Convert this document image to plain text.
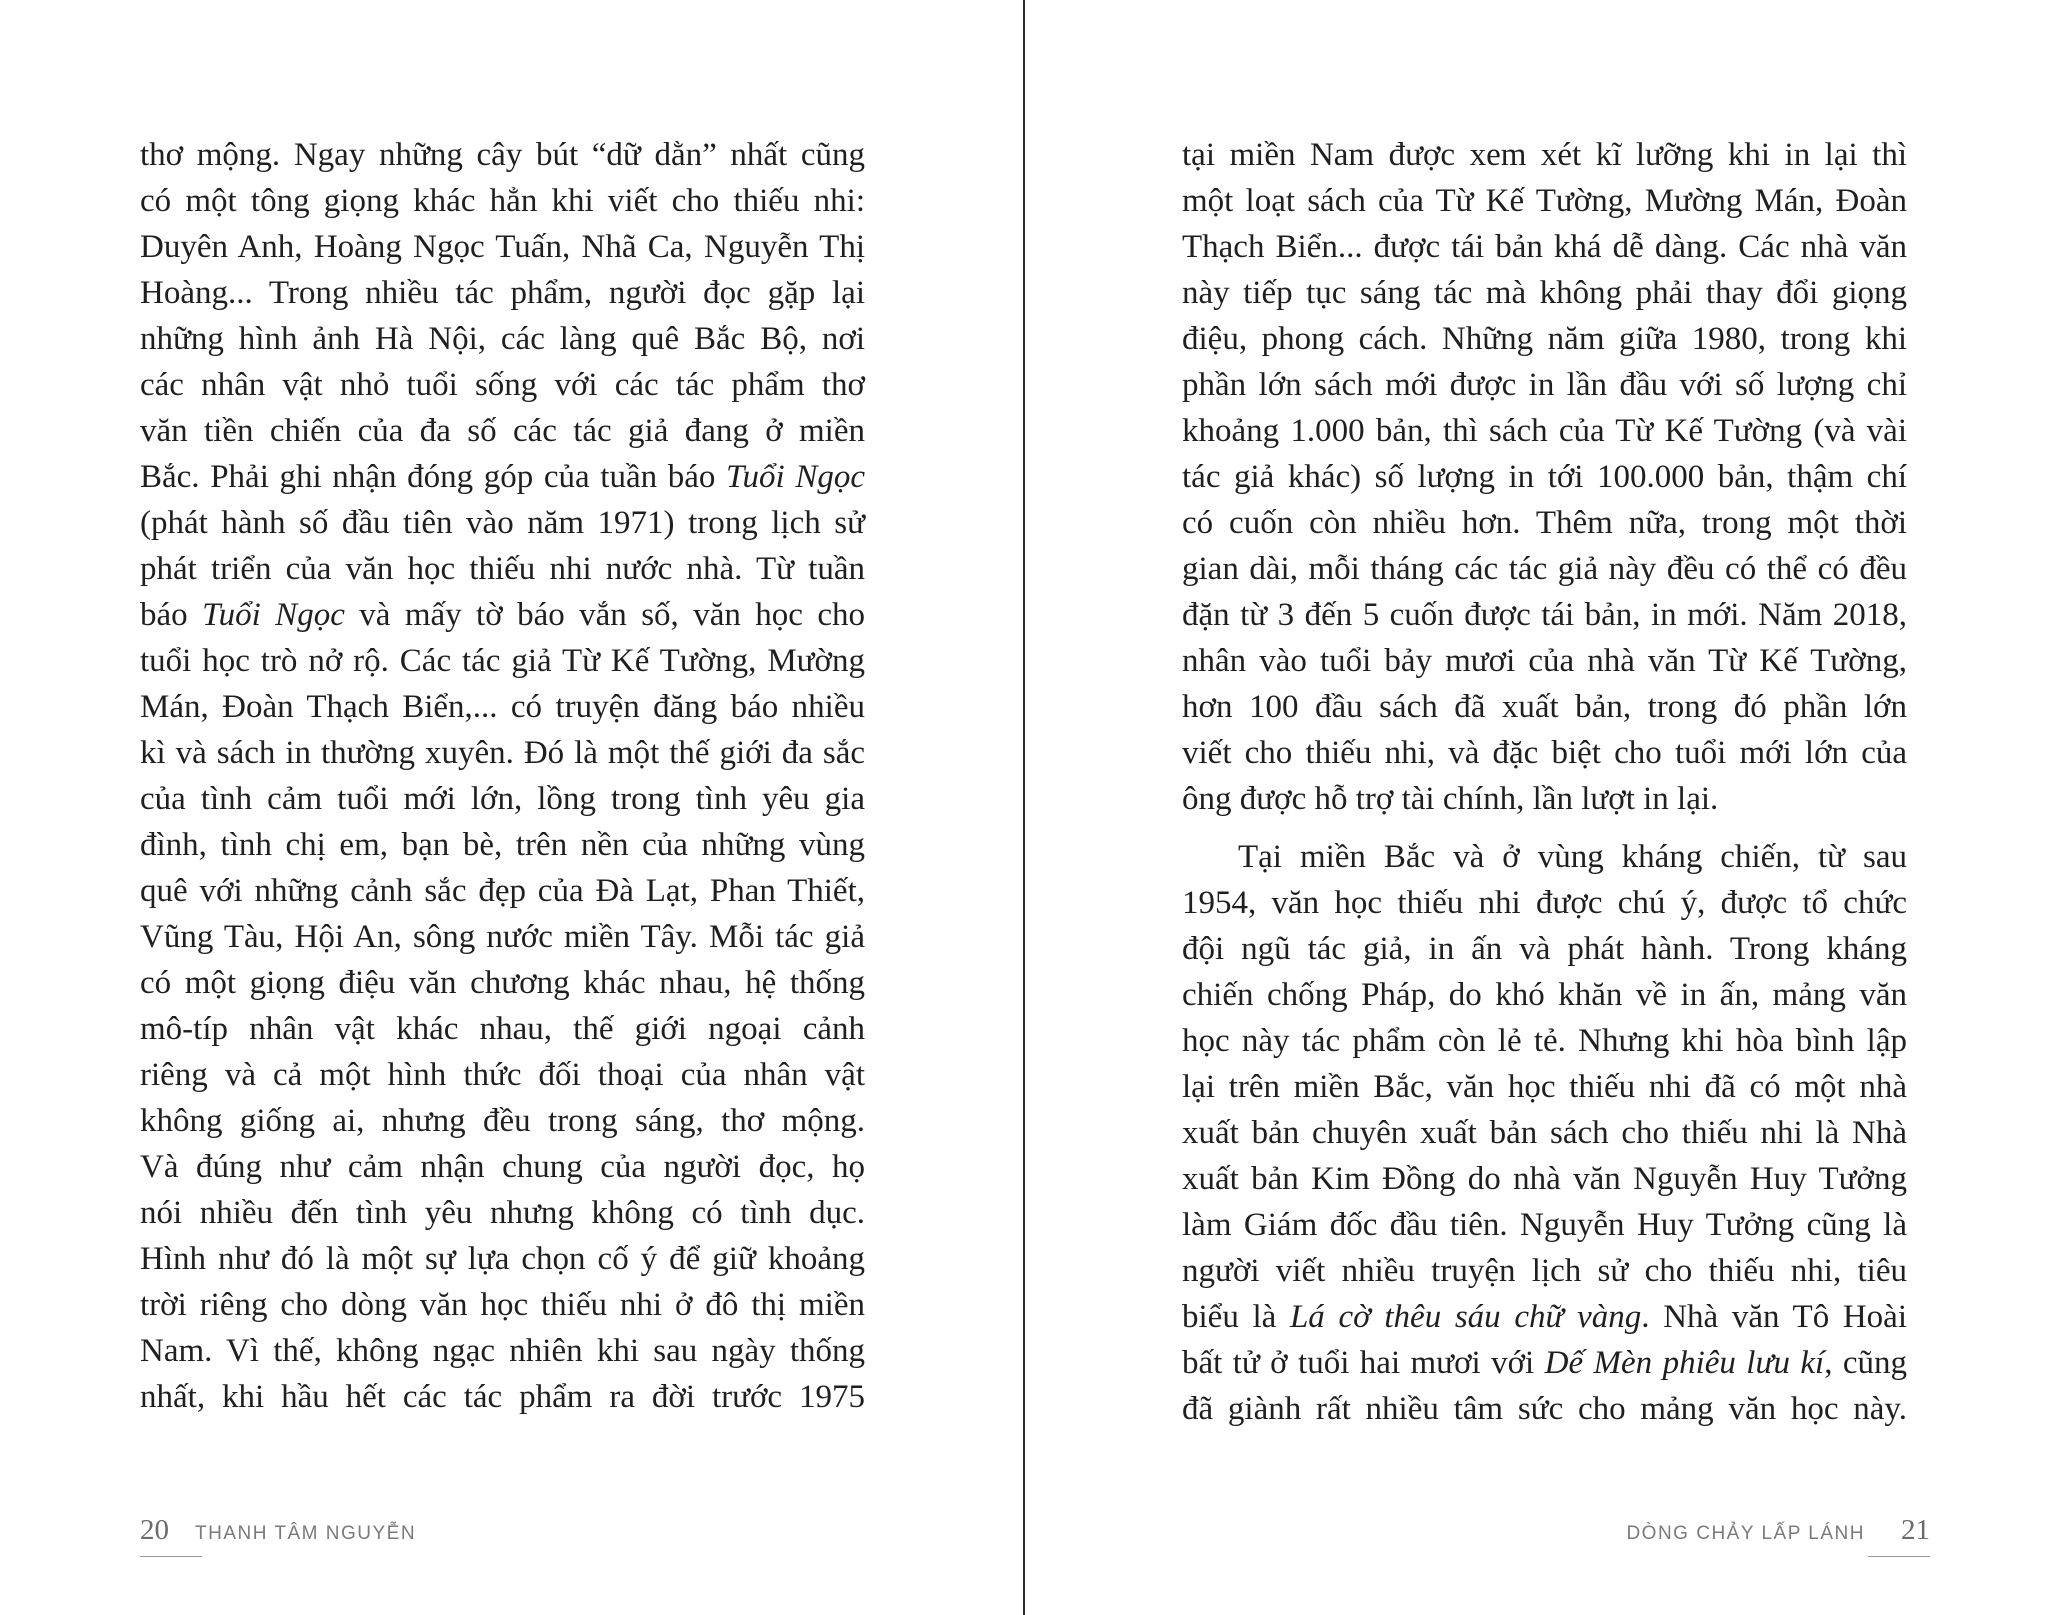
thơ mộng. Ngay những cây bút “dữ dằn” nhất cũng
có một tông giọng khác hẳn khi viết cho thiếu nhi:
Duyên Anh, Hoàng Ngọc Tuấn, Nhã Ca, Nguyễn Thị
Hoàng... Trong nhiều tác phẩm, người đọc gặp lại
những hình ảnh Hà Nội, các làng quê Bắc Bộ, nơi
các nhân vật nhỏ tuổi sống với các tác phẩm thơ
văn tiền chiến của đa số các tác giả đang ở miền
Bắc. Phải ghi nhận đóng góp của tuần báo Tuổi Ngọc
(phát hành số đầu tiên vào năm 1971) trong lịch sử
phát triển của văn học thiếu nhi nước nhà. Từ tuần
báo Tuổi Ngọc và mấy tờ báo vắn số, văn học cho
tuổi học trò nở rộ. Các tác giả Từ Kế Tường, Mường
Mán, Đoàn Thạch Biển,... có truyện đăng báo nhiều
kì và sách in thường xuyên. Đó là một thế giới đa sắc
của tình cảm tuổi mới lớn, lồng trong tình yêu gia
đình, tình chị em, bạn bè, trên nền của những vùng
quê với những cảnh sắc đẹp của Đà Lạt, Phan Thiết,
Vũng Tàu, Hội An, sông nước miền Tây. Mỗi tác giả
có một giọng điệu văn chương khác nhau, hệ thống
mô-típ nhân vật khác nhau, thế giới ngoại cảnh
riêng và cả một hình thức đối thoại của nhân vật
không giống ai, nhưng đều trong sáng, thơ mộng.
Và đúng như cảm nhận chung của người đọc, họ
nói nhiều đến tình yêu nhưng không có tình dục.
Hình như đó là một sự lựa chọn cố ý để giữ khoảng
trời riêng cho dòng văn học thiếu nhi ở đô thị miền
Nam. Vì thế, không ngạc nhiên khi sau ngày thống
nhất, khi hầu hết các tác phẩm ra đời trước 1975
20 THANH TÂM NGUYỄN
tại miền Nam được xem xét kĩ lưỡng khi in lại thì
một loạt sách của Từ Kế Tường, Mường Mán, Đoàn
Thạch Biển... được tái bản khá dễ dàng. Các nhà văn
này tiếp tục sáng tác mà không phải thay đổi giọng
điệu, phong cách. Những năm giữa 1980, trong khi
phần lớn sách mới được in lần đầu với số lượng chỉ
khoảng 1.000 bản, thì sách của Từ Kế Tường (và vài
tác giả khác) số lượng in tới 100.000 bản, thậm chí
có cuốn còn nhiều hơn. Thêm nữa, trong một thời
gian dài, mỗi tháng các tác giả này đều có thể có đều
đặn từ 3 đến 5 cuốn được tái bản, in mới. Năm 2018,
nhân vào tuổi bảy mươi của nhà văn Từ Kế Tường,
hơn 100 đầu sách đã xuất bản, trong đó phần lớn
viết cho thiếu nhi, và đặc biệt cho tuổi mới lớn của
ông được hỗ trợ tài chính, lần lượt in lại.
Tại miền Bắc và ở vùng kháng chiến, từ sau
1954, văn học thiếu nhi được chú ý, được tổ chức
đội ngũ tác giả, in ấn và phát hành. Trong kháng
chiến chống Pháp, do khó khăn về in ấn, mảng văn
học này tác phẩm còn lẻ tẻ. Nhưng khi hòa bình lập
lại trên miền Bắc, văn học thiếu nhi đã có một nhà
xuất bản chuyên xuất bản sách cho thiếu nhi là Nhà
xuất bản Kim Đồng do nhà văn Nguyễn Huy Tưởng
làm Giám đốc đầu tiên. Nguyễn Huy Tưởng cũng là
người viết nhiều truyện lịch sử cho thiếu nhi, tiêu
biểu là Lá cờ thêu sáu chữ vàng. Nhà văn Tô Hoài
bất tử ở tuổi hai mươi với Dế Mèn phiêu lưu kí, cũng
đã giành rất nhiều tâm sức cho mảng văn học này.
DÒNG CHẢY LẤP LÁNH 21
